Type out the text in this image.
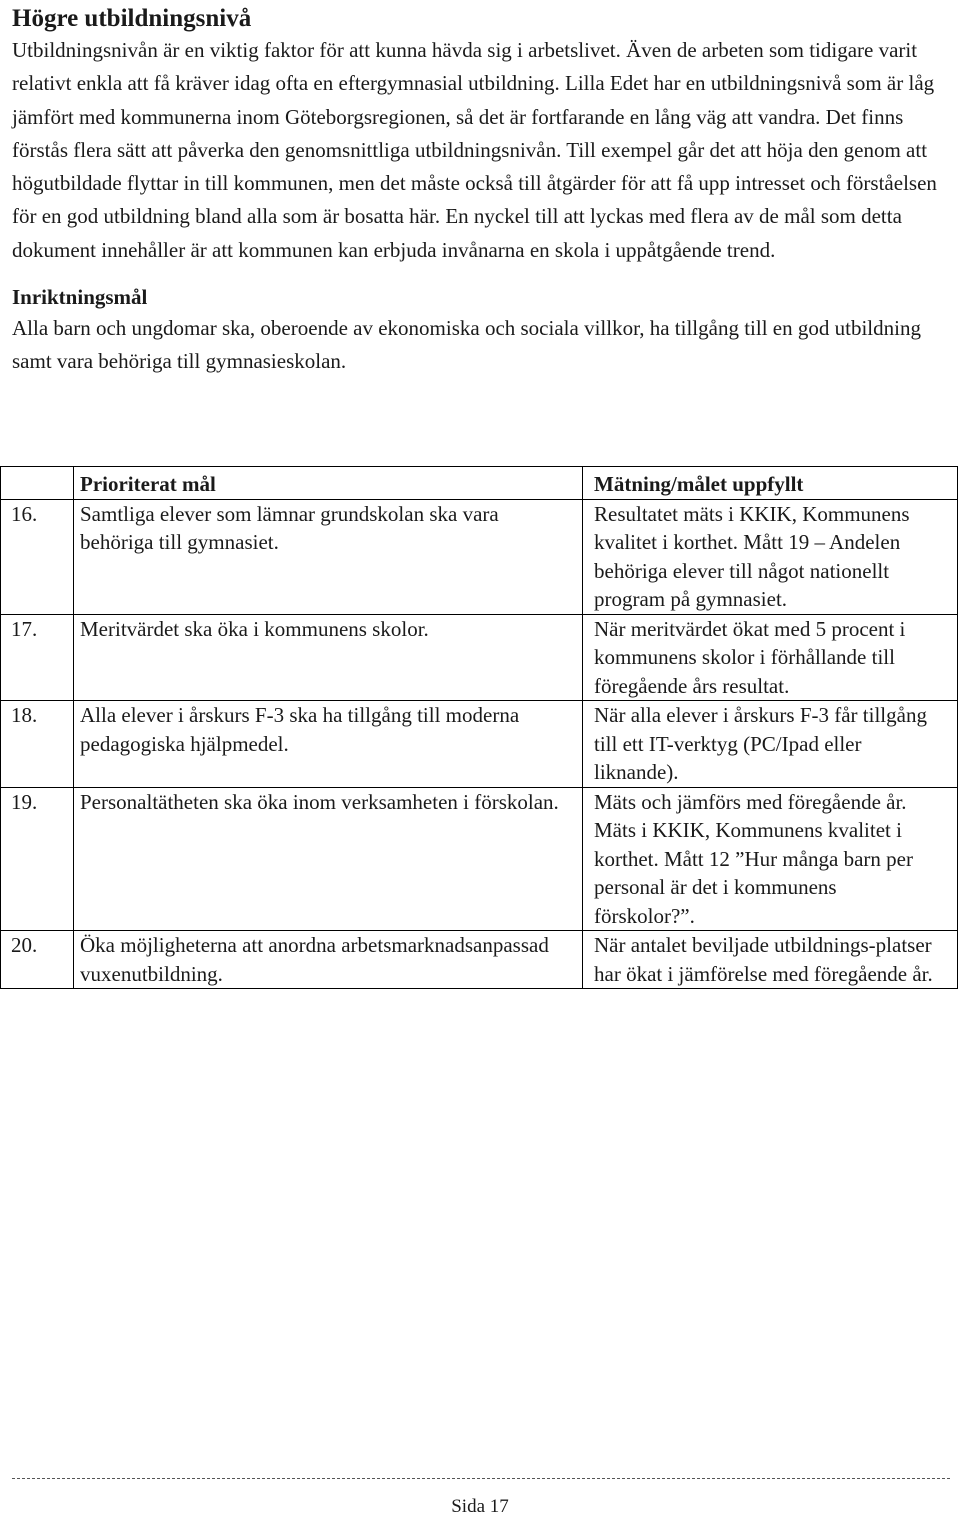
Högre utbildningsnivå

Utbildningsnivån är en viktig faktor för att kunna hävda sig i arbetslivet. Även de arbeten som tidigare varit relativt enkla att få kräver idag ofta en eftergymnasial utbildning. Lilla Edet har en utbildningsnivå som är låg jämfört med kommunerna inom Göteborgsregionen, så det är fortfarande en lång väg att vandra. Det finns förstås flera sätt att påverka den genomsnittliga utbildningsnivån. Till exempel går det att höja den genom att högutbildade flyttar in till kommunen, men det måste också till åtgärder för att få upp intresset och förståelsen för en god utbildning bland alla som är bosatta här. En nyckel till att lyckas med flera av de mål som detta dokument innehåller är att kommunen kan erbjuda invånarna en skola i uppåtgående trend.

Inriktningsmål

Alla barn och ungdomar ska, oberoende av ekonomiska och sociala villkor, ha tillgång till en god utbildning samt vara behöriga till gymnasieskolan.

	Prioriterat mål	Mätning/målet uppfyllt
16.	Samtliga elever som lämnar grundskolan ska vara behöriga till gymnasiet.	Resultatet mäts i KKIK, Kommunens kvalitet i korthet. Mått 19 – Andelen behöriga elever till något nationellt program på gymnasiet.
17.	Meritvärdet ska öka i kommunens skolor.	När meritvärdet ökat med 5 procent i kommunens skolor i förhållande till föregående års resultat.
18.	Alla elever i årskurs F-3 ska ha tillgång till moderna pedagogiska hjälpmedel.	När alla elever i årskurs F-3 får tillgång till ett IT-verktyg (PC/Ipad eller liknande).
19.	Personaltätheten ska öka inom verksamheten i förskolan.	Mäts och jämförs med föregående år. Mäts i KKIK, Kommunens kvalitet i korthet. Mått 12 ”Hur många barn per personal är det i kommunens förskolor?”.
20.	Öka möjligheterna att anordna arbetsmarknadsanpassad vuxenutbildning.	När antalet beviljade utbildnings-platser har ökat i jämförelse med föregående år.
Sida 17
